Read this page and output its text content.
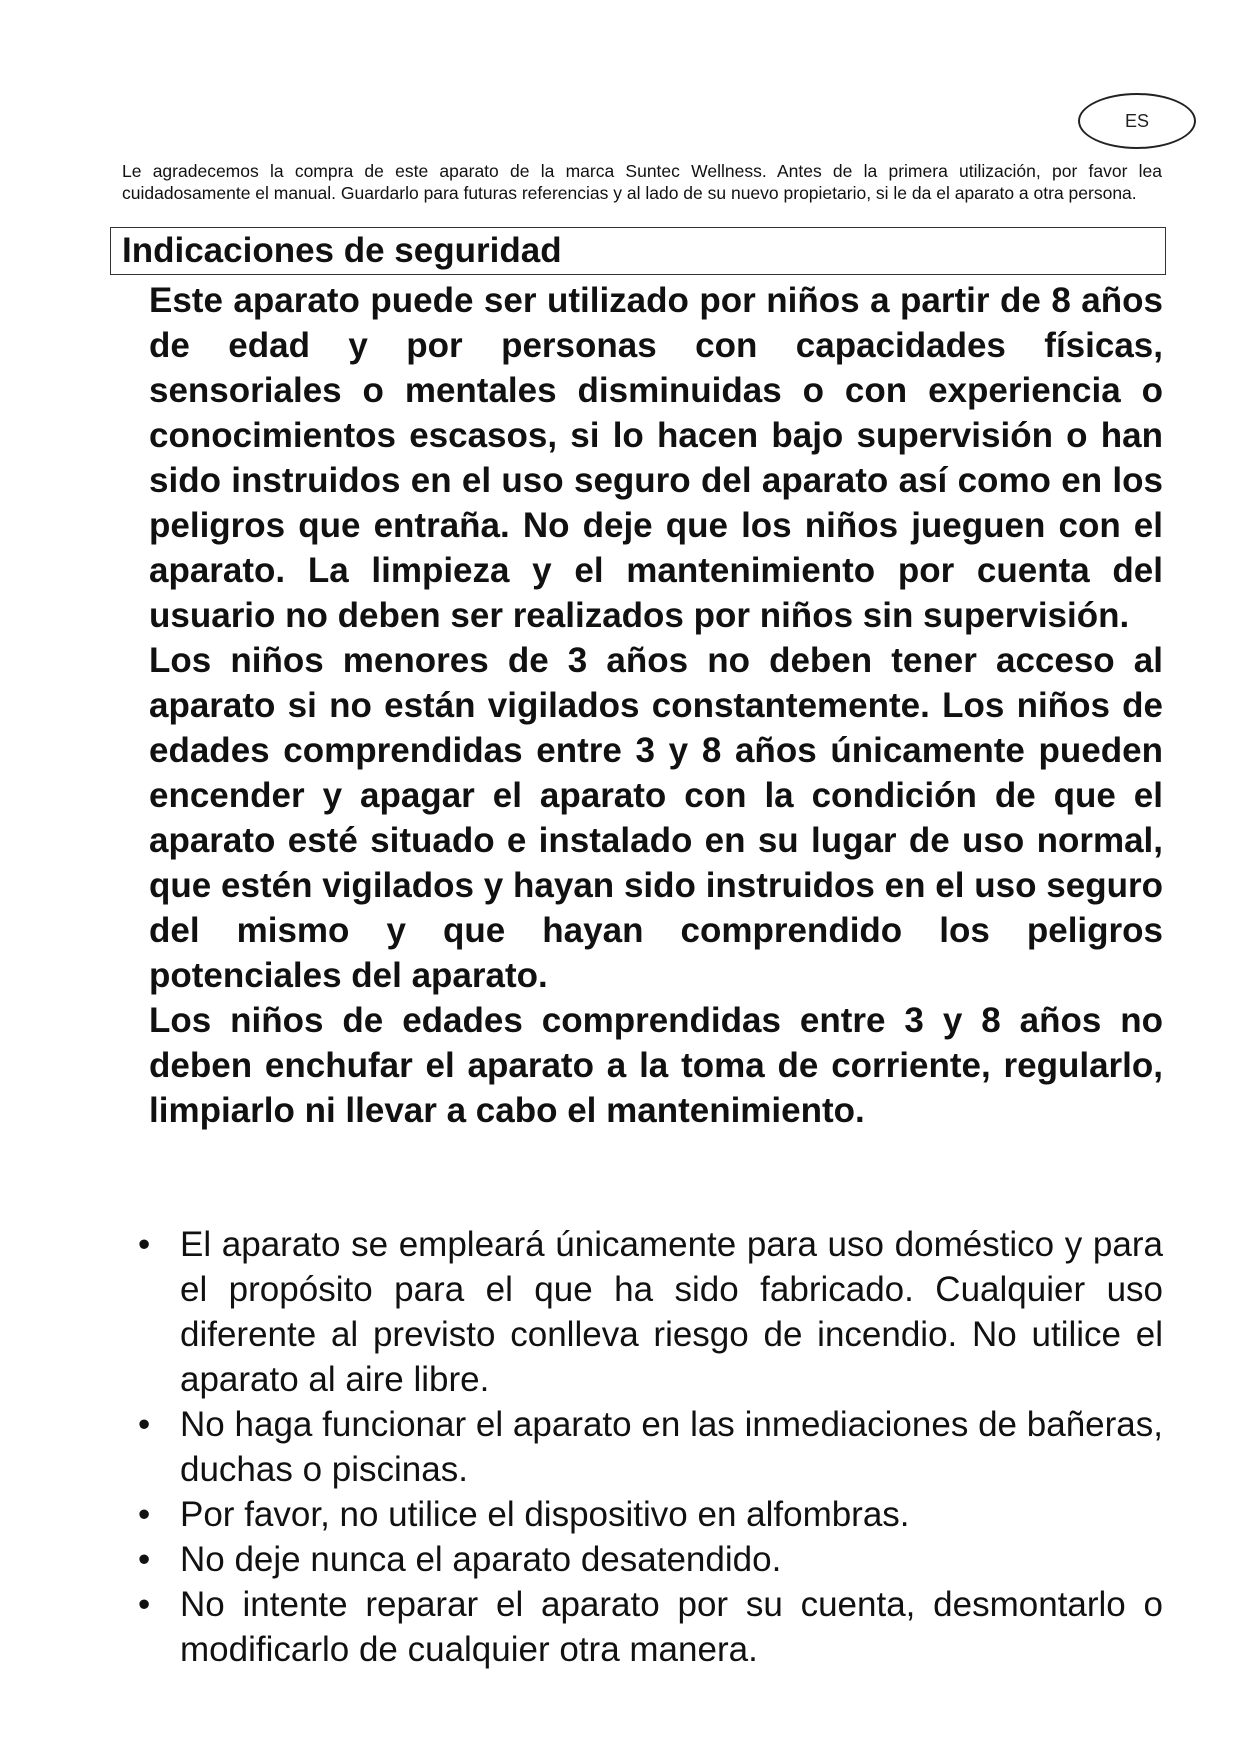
ES
Le agradecemos la compra de este aparato de la marca Suntec Wellness. Antes de la primera utilización, por favor lea cuidadosamente el manual. Guardarlo para futuras referencias y al lado de su nuevo propietario, si le da el aparato a otra persona.
Indicaciones de seguridad

Este aparato puede ser utilizado por niños a partir de 8 años de edad y por personas con capacidades físicas, sensoriales o mentales disminuidas o con experiencia o conocimientos escasos, si lo hacen bajo supervisión o han sido instruidos en el uso seguro del aparato así como en los peligros que entraña. No deje que los niños jueguen con el aparato. La limpieza y el mantenimiento por cuenta del usuario no deben ser realizados por niños sin supervisión.

Los niños menores de 3 años no deben tener acceso al aparato si no están vigilados constantemente. Los niños de edades comprendidas entre 3 y 8 años únicamente pueden encender y apagar el aparato con la condición de que el aparato esté situado e instalado en su lugar de uso normal, que estén vigilados y hayan sido instruidos en el uso seguro del mismo y que hayan comprendido los peligros potenciales del aparato.

Los niños de edades comprendidas entre 3 y 8 años no deben enchufar el aparato a la toma de corriente, regularlo, limpiarlo ni llevar a cabo el mantenimiento.

• El aparato se empleará únicamente para uso doméstico y para el propósito para el que ha sido fabricado. Cualquier uso diferente al previsto conlleva riesgo de incendio. No utilice el aparato al aire libre.
• No haga funcionar el aparato en las inmediaciones de bañeras, duchas o piscinas.
• Por favor, no utilice el dispositivo en alfombras.
• No deje nunca el aparato desatendido.
• No intente reparar el aparato por su cuenta, desmontarlo o modificarlo de cualquier otra manera.
